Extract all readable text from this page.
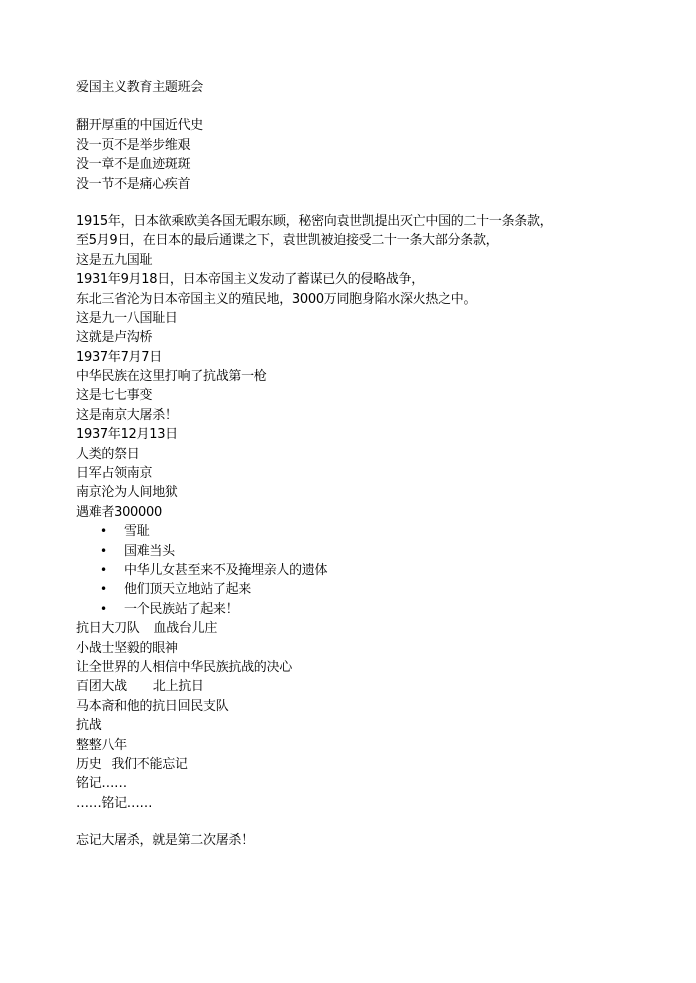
爱国主义教育主题班会
翻开厚重的中国近代史
没一页不是举步维艰
没一章不是血迹斑斑
没一节不是痛心疾首
1915年，日本欲乘欧美各国无暇东顾，秘密向袁世凯提出灭亡中国的二十一条条款，
至5月9日，在日本的最后通谍之下，袁世凯被迫接受二十一条大部分条款，
这是五九国耻
1931年9月18日，日本帝国主义发动了蓄谋已久的侵略战争，
东北三省沦为日本帝国主义的殖民地，3000万同胞身陷水深火热之中。
这是九一八国耻日
这就是卢沟桥
1937年7月7日
中华民族在这里打响了抗战第一枪
这是七七事变
这是南京大屠杀！
1937年12月13日
人类的祭日
日军占领南京
南京沦为人间地狱
遇难者300000
• 雪耻
• 国难当头
• 中华儿女甚至来不及掩埋亲人的遗体
• 他们顶天立地站了起来
• 一个民族站了起来！
抗日大刀队 血战台儿庄
小战士坚毅的眼神
让全世界的人相信中华民族抗战的决心
百团大战 北上抗日
马本斋和他的抗日回民支队
抗战
整整八年
历史 我们不能忘记
铭记……
……铭记……
忘记大屠杀，就是第二次屠杀！
